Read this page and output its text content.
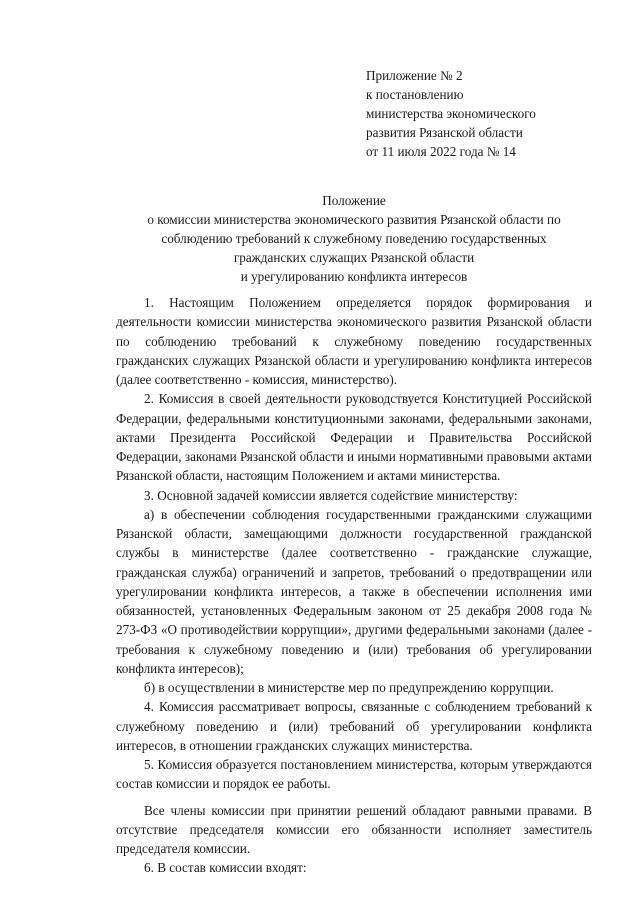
Приложение № 2
к постановлению
министерства экономического
развития Рязанской области
от 11 июля 2022 года № 14
Положение
о комиссии министерства экономического развития Рязанской области по
соблюдению требований к служебному поведению государственных
гражданских служащих Рязанской области
и урегулированию конфликта интересов

1. Настоящим Положением определяется порядок формирования и деятельности комиссии министерства экономического развития Рязанской области по соблюдению требований к служебному поведению государственных гражданских служащих Рязанской области и урегулированию конфликта интересов (далее соответственно - комиссия, министерство).

2. Комиссия в своей деятельности руководствуется Конституцией Российской Федерации, федеральными конституционными законами, федеральными законами, актами Президента Российской Федерации и Правительства Российской Федерации, законами Рязанской области и иными нормативными правовыми актами Рязанской области, настоящим Положением и актами министерства.

3. Основной задачей комиссии является содействие министерству:

а) в обеспечении соблюдения государственными гражданскими служащими Рязанской области, замещающими должности государственной гражданской службы в министерстве (далее соответственно - гражданские служащие, гражданская служба) ограничений и запретов, требований о предотвращении или урегулировании конфликта интересов, а также в обеспечении исполнения ими обязанностей, установленных Федеральным законом от 25 декабря 2008 года № 273-ФЗ «О противодействии коррупции», другими федеральными законами (далее - требования к служебному поведению и (или) требования об урегулировании конфликта интересов);

б) в осуществлении в министерстве мер по предупреждению коррупции.

4. Комиссия рассматривает вопросы, связанные с соблюдением требований к служебному поведению и (или) требований об урегулировании конфликта интересов, в отношении гражданских служащих министерства.

5. Комиссия образуется постановлением министерства, которым утверждаются состав комиссии и порядок ее работы.

Все члены комиссии при принятии решений обладают равными правами. В отсутствие председателя комиссии его обязанности исполняет заместитель председателя комиссии.

6. В состав комиссии входят:
